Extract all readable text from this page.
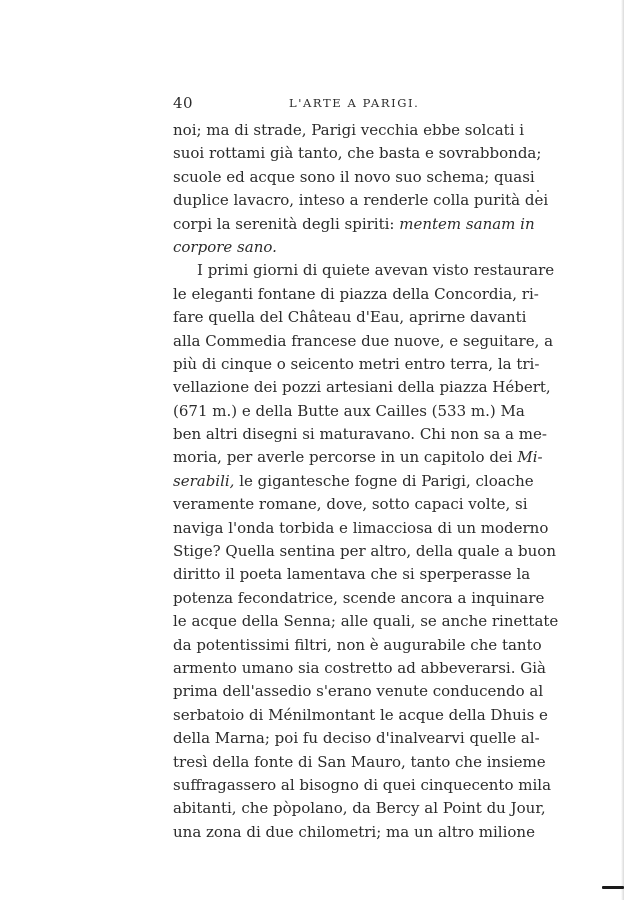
40	L'ARTE A PARIGI.
noi; ma di strade, Parigi vecchia ebbe solcati i
suoi rottami già tanto, che basta e sovrabbonda;
scuole ed acque sono il novo suo schema; quasi
duplice lavacro, inteso a renderle colla purità dei
corpi la serenità degli spiriti: mentem sanam in
corpore sano.
I primi giorni di quiete avevan visto restaurare
le eleganti fontane di piazza della Concordia, ri-
fare quella del Château d'Eau, aprirne davanti
alla Commedia francese due nuove, e seguitare, a
più di cinque o seicento metri entro terra, la tri-
vellazione dei pozzi artesiani della piazza Hébert,
(671 m.) e della Butte aux Cailles (533 m.) Ma
ben altri disegni si maturavano. Chi non sa a me-
moria, per averle percorse in un capitolo dei Mi-
serabili, le gigantesche fogne di Parigi, cloache
veramente romane, dove, sotto capaci volte, si
naviga l'onda torbida e limacciosa di un moderno
Stige? Quella sentina per altro, della quale a buon
diritto il poeta lamentava che si sperperasse la
potenza fecondatrice, scende ancora a inquinare
le acque della Senna; alle quali, se anche rinettate
da potentissimi filtri, non è augurabile che tanto
armento umano sia costretto ad abbeverarsi. Già
prima dell'assedio s'erano venute conducendo al
serbatoio di Ménilmontant le acque della Dhuis e
della Marna; poi fu deciso d'inalvearvi quelle al-
tresì della fonte di San Mauro, tanto che insieme
suffragassero al bisogno di quei cinquecento mila
abitanti, che pòpolano, da Bercy al Point du Jour,
una zona di due chilometri; ma un altro milione
